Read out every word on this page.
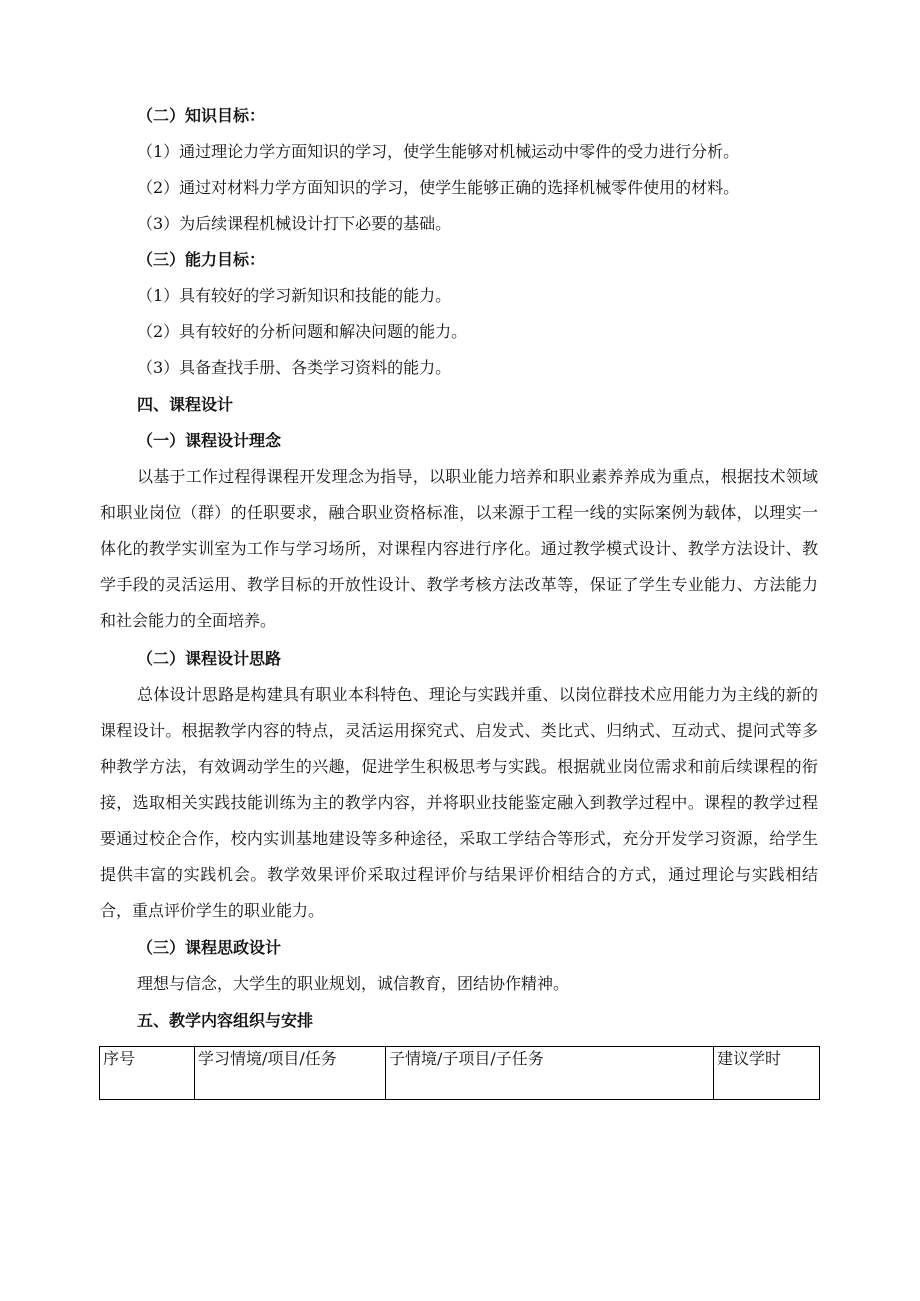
（二）知识目标：
（1）通过理论力学方面知识的学习，使学生能够对机械运动中零件的受力进行分析。
（2）通过对材料力学方面知识的学习，使学生能够正确的选择机械零件使用的材料。
（3）为后续课程机械设计打下必要的基础。
（三）能力目标：
（1）具有较好的学习新知识和技能的能力。
（2）具有较好的分析问题和解决问题的能力。
（3）具备查找手册、各类学习资料的能力。
四、课程设计
（一）课程设计理念
以基于工作过程得课程开发理念为指导，以职业能力培养和职业素养养成为重点，根据技术领域和职业岗位（群）的任职要求，融合职业资格标准，以来源于工程一线的实际案例为载体，以理实一体化的教学实训室为工作与学习场所，对课程内容进行序化。通过教学模式设计、教学方法设计、教学手段的灵活运用、教学目标的开放性设计、教学考核方法改革等，保证了学生专业能力、方法能力和社会能力的全面培养。
（二）课程设计思路
总体设计思路是构建具有职业本科特色、理论与实践并重、以岗位群技术应用能力为主线的新的课程设计。根据教学内容的特点，灵活运用探究式、启发式、类比式、归纳式、互动式、提问式等多种教学方法，有效调动学生的兴趣，促进学生积极思考与实践。根据就业岗位需求和前后续课程的衔接，选取相关实践技能训练为主的教学内容，并将职业技能鉴定融入到教学过程中。课程的教学过程要通过校企合作，校内实训基地建设等多种途径，采取工学结合等形式，充分开发学习资源，给学生提供丰富的实践机会。教学效果评价采取过程评价与结果评价相结合的方式，通过理论与实践相结合，重点评价学生的职业能力。
（三）课程思政设计
理想与信念，大学生的职业规划，诚信教育，团结协作精神。
五、教学内容组织与安排
序号	学习情境/项目/任务	子情境/子项目/子任务	建议学时
